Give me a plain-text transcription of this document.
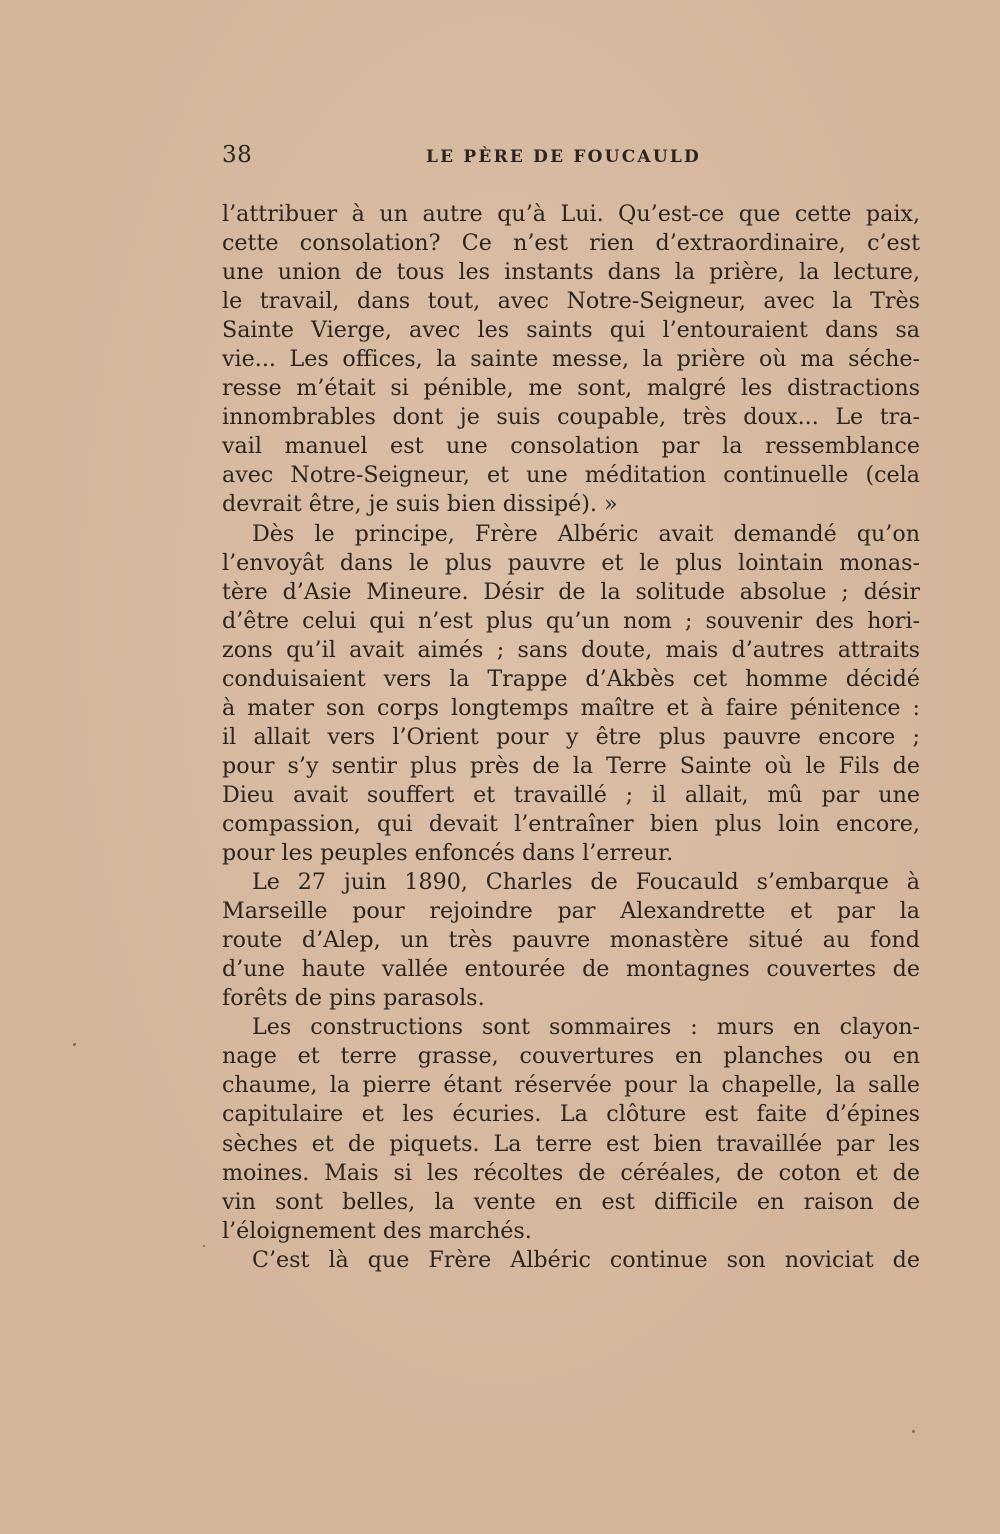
38	LE PÈRE DE FOUCAULD
l’attribuer à un autre qu’à Lui. Qu’est-ce que cette paix,
cette consolation? Ce n’est rien d’extraordinaire, c’est
une union de tous les instants dans la prière, la lecture,
le travail, dans tout, avec Notre-Seigneur, avec la Très
Sainte Vierge, avec les saints qui l’entouraient dans sa
vie... Les offices, la sainte messe, la prière où ma séche-
resse m’était si pénible, me sont, malgré les distractions
innombrables dont je suis coupable, très doux... Le tra-
vail manuel est une consolation par la ressemblance
avec Notre-Seigneur, et une méditation continuelle (cela
devrait être, je suis bien dissipé). »
Dès le principe, Frère Albéric avait demandé qu’on
l’envoyât dans le plus pauvre et le plus lointain monas-
tère d’Asie Mineure. Désir de la solitude absolue ; désir
d’être celui qui n’est plus qu’un nom ; souvenir des hori-
zons qu’il avait aimés ; sans doute, mais d’autres attraits
conduisaient vers la Trappe d’Akbès cet homme décidé
à mater son corps longtemps maître et à faire pénitence :
il allait vers l’Orient pour y être plus pauvre encore ;
pour s’y sentir plus près de la Terre Sainte où le Fils de
Dieu avait souffert et travaillé ; il allait, mû par une
compassion, qui devait l’entraîner bien plus loin encore,
pour les peuples enfoncés dans l’erreur.
Le 27 juin 1890, Charles de Foucauld s’embarque à
Marseille pour rejoindre par Alexandrette et par la
route d’Alep, un très pauvre monastère situé au fond
d’une haute vallée entourée de montagnes couvertes de
forêts de pins parasols.
Les constructions sont sommaires : murs en clayon-
nage et terre grasse, couvertures en planches ou en
chaume, la pierre étant réservée pour la chapelle, la salle
capitulaire et les écuries. La clôture est faite d’épines
sèches et de piquets. La terre est bien travaillée par les
moines. Mais si les récoltes de céréales, de coton et de
vin sont belles, la vente en est difficile en raison de
l’éloignement des marchés.
C’est là que Frère Albéric continue son noviciat de
